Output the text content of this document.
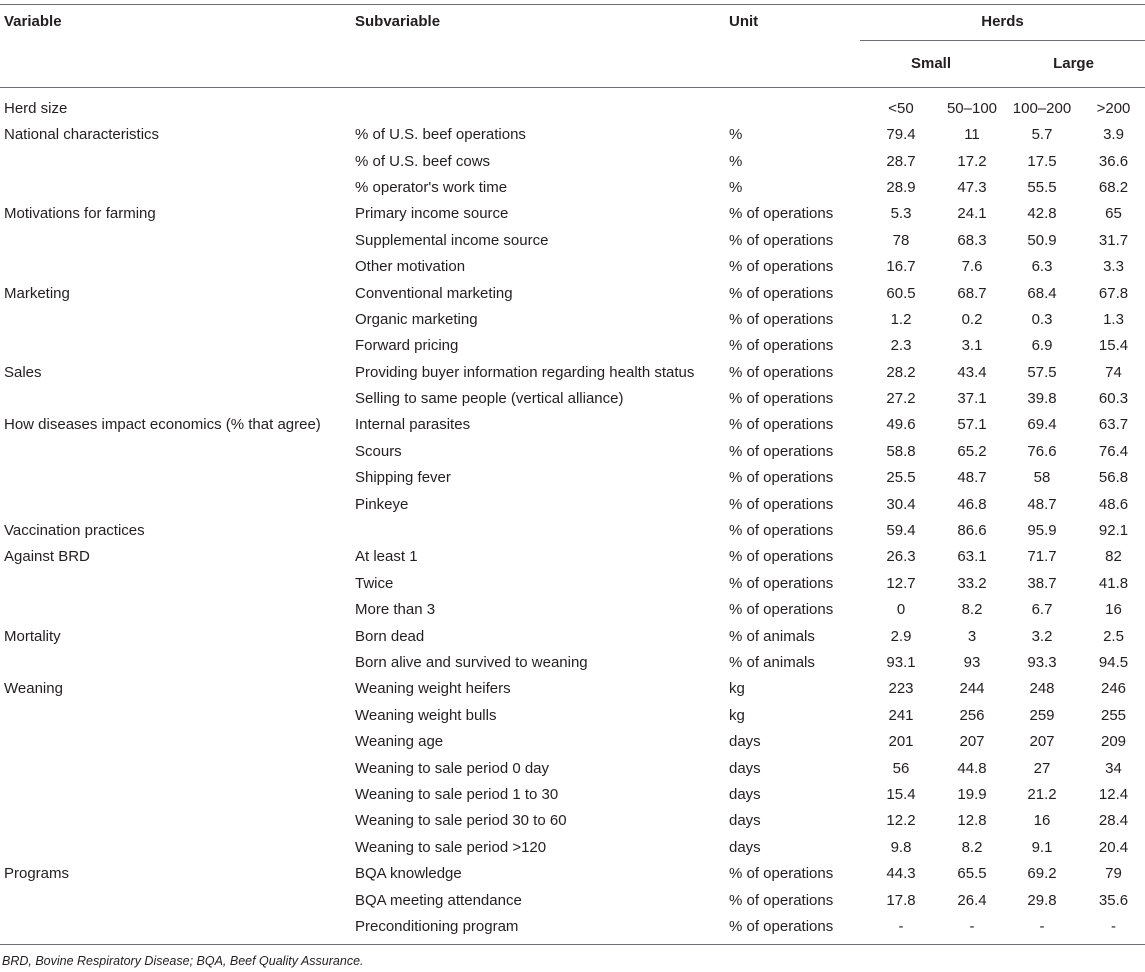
Variable	Subvariable	Unit	Herds			
			Small		Large	
Herd size			<50	50–100	100–200	>200
National characteristics	% of U.S. beef operations	%	79.4	11	5.7	3.9
	% of U.S. beef cows	%	28.7	17.2	17.5	36.6
	% operator's work time	%	28.9	47.3	55.5	68.2
Motivations for farming	Primary income source	% of operations	5.3	24.1	42.8	65
	Supplemental income source	% of operations	78	68.3	50.9	31.7
	Other motivation	% of operations	16.7	7.6	6.3	3.3
Marketing	Conventional marketing	% of operations	60.5	68.7	68.4	67.8
	Organic marketing	% of operations	1.2	0.2	0.3	1.3
	Forward pricing	% of operations	2.3	3.1	6.9	15.4
Sales	Providing buyer information regarding health status	% of operations	28.2	43.4	57.5	74
	Selling to same people (vertical alliance)	% of operations	27.2	37.1	39.8	60.3
How diseases impact economics (% that agree)	Internal parasites	% of operations	49.6	57.1	69.4	63.7
	Scours	% of operations	58.8	65.2	76.6	76.4
	Shipping fever	% of operations	25.5	48.7	58	56.8
	Pinkeye	% of operations	30.4	46.8	48.7	48.6
Vaccination practices		% of operations	59.4	86.6	95.9	92.1
Against BRD	At least 1	% of operations	26.3	63.1	71.7	82
	Twice	% of operations	12.7	33.2	38.7	41.8
	More than 3	% of operations	0	8.2	6.7	16
Mortality	Born dead	% of animals	2.9	3	3.2	2.5
	Born alive and survived to weaning	% of animals	93.1	93	93.3	94.5
Weaning	Weaning weight heifers	kg	223	244	248	246
	Weaning weight bulls	kg	241	256	259	255
	Weaning age	days	201	207	207	209
	Weaning to sale period 0 day	days	56	44.8	27	34
	Weaning to sale period 1 to 30	days	15.4	19.9	21.2	12.4
	Weaning to sale period 30 to 60	days	12.2	12.8	16	28.4
	Weaning to sale period >120	days	9.8	8.2	9.1	20.4
Programs	BQA knowledge	% of operations	44.3	65.5	69.2	79
	BQA meeting attendance	% of operations	17.8	26.4	29.8	35.6
	Preconditioning program	% of operations	-	-	-	-
BRD, Bovine Respiratory Disease; BQA, Beef Quality Assurance.
